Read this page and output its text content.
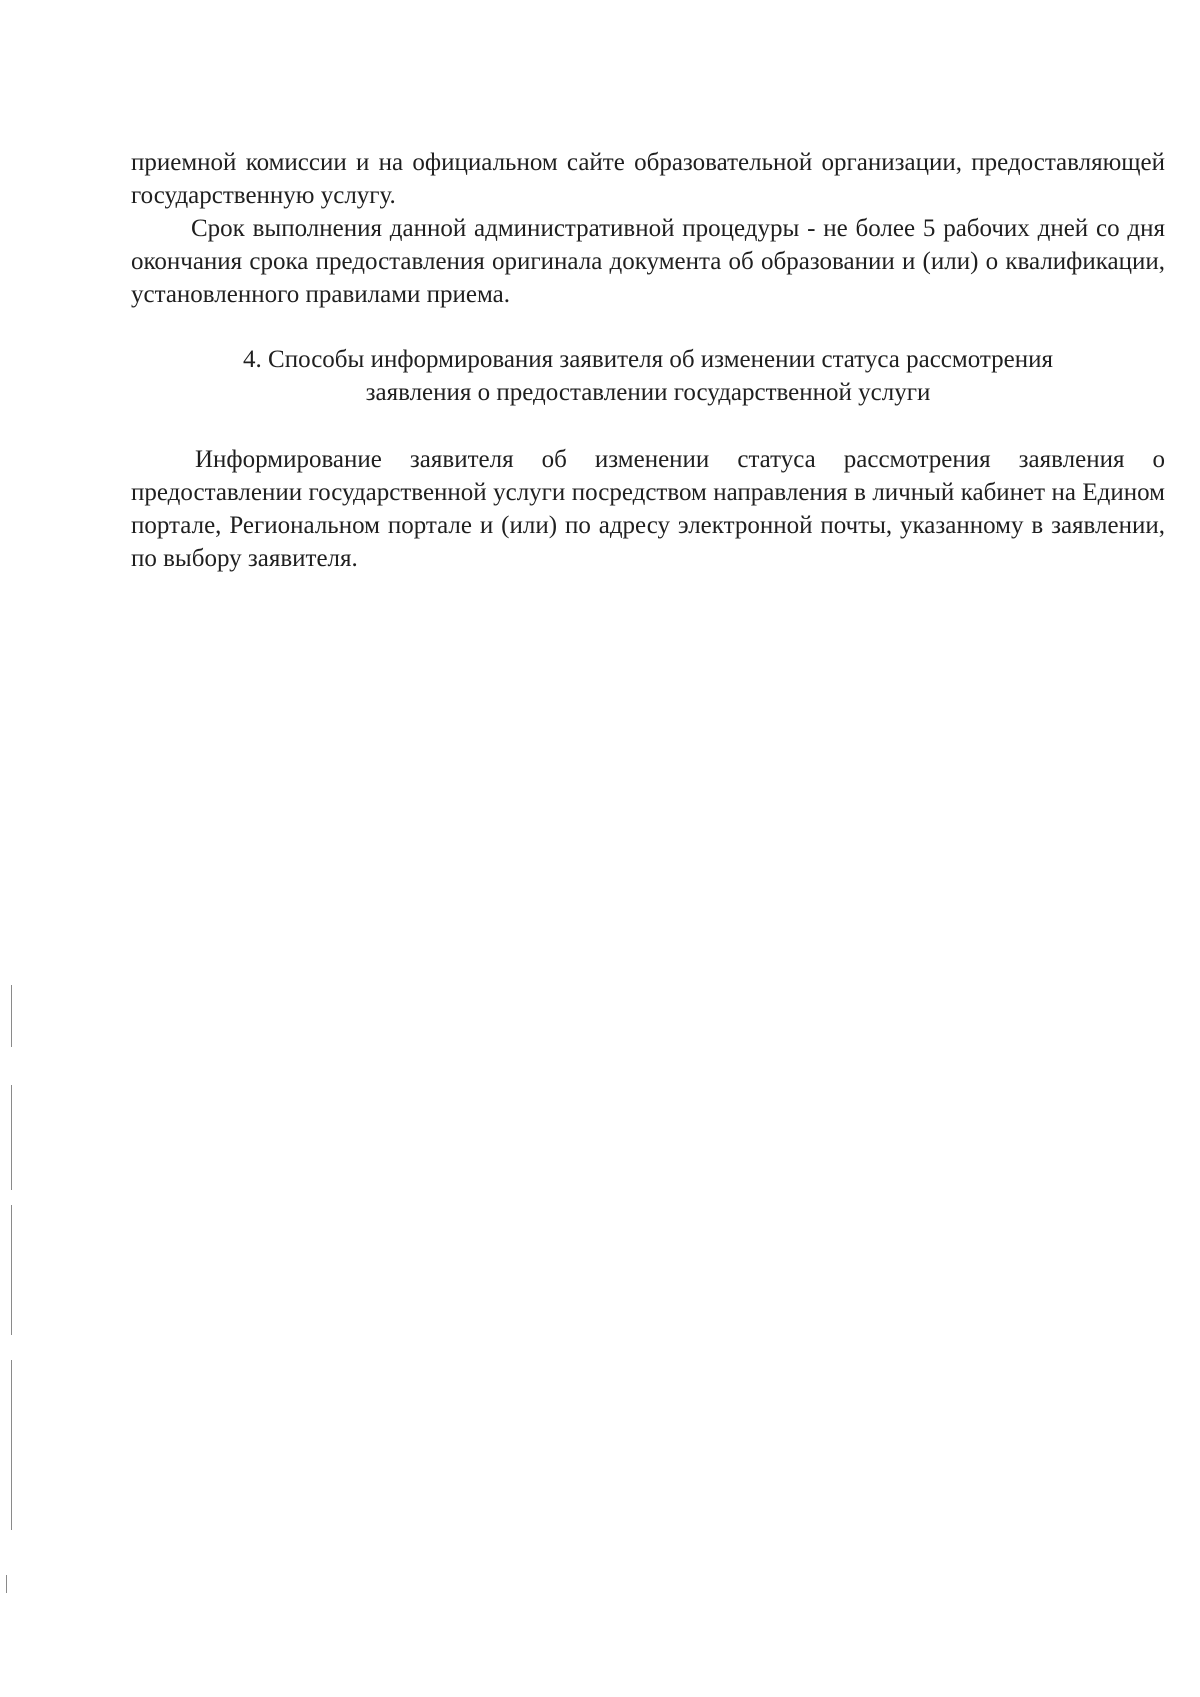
приемной комиссии и на официальном сайте образовательной организации, предоставляющей государственную услугу.

Срок выполнения данной административной процедуры - не более 5 рабочих дней со дня окончания срока предоставления оригинала документа об образовании и (или) о квалификации, установленного правилами приема.

4. Способы информирования заявителя об изменении статуса рассмотрения
заявления о предоставлении государственной услуги

Информирование заявителя об изменении статуса рассмотрения заявления о предоставлении государственной услуги посредством направления в личный кабинет на Едином портале, Региональном портале и (или) по адресу электронной почты, указанному в заявлении, по выбору заявителя.
